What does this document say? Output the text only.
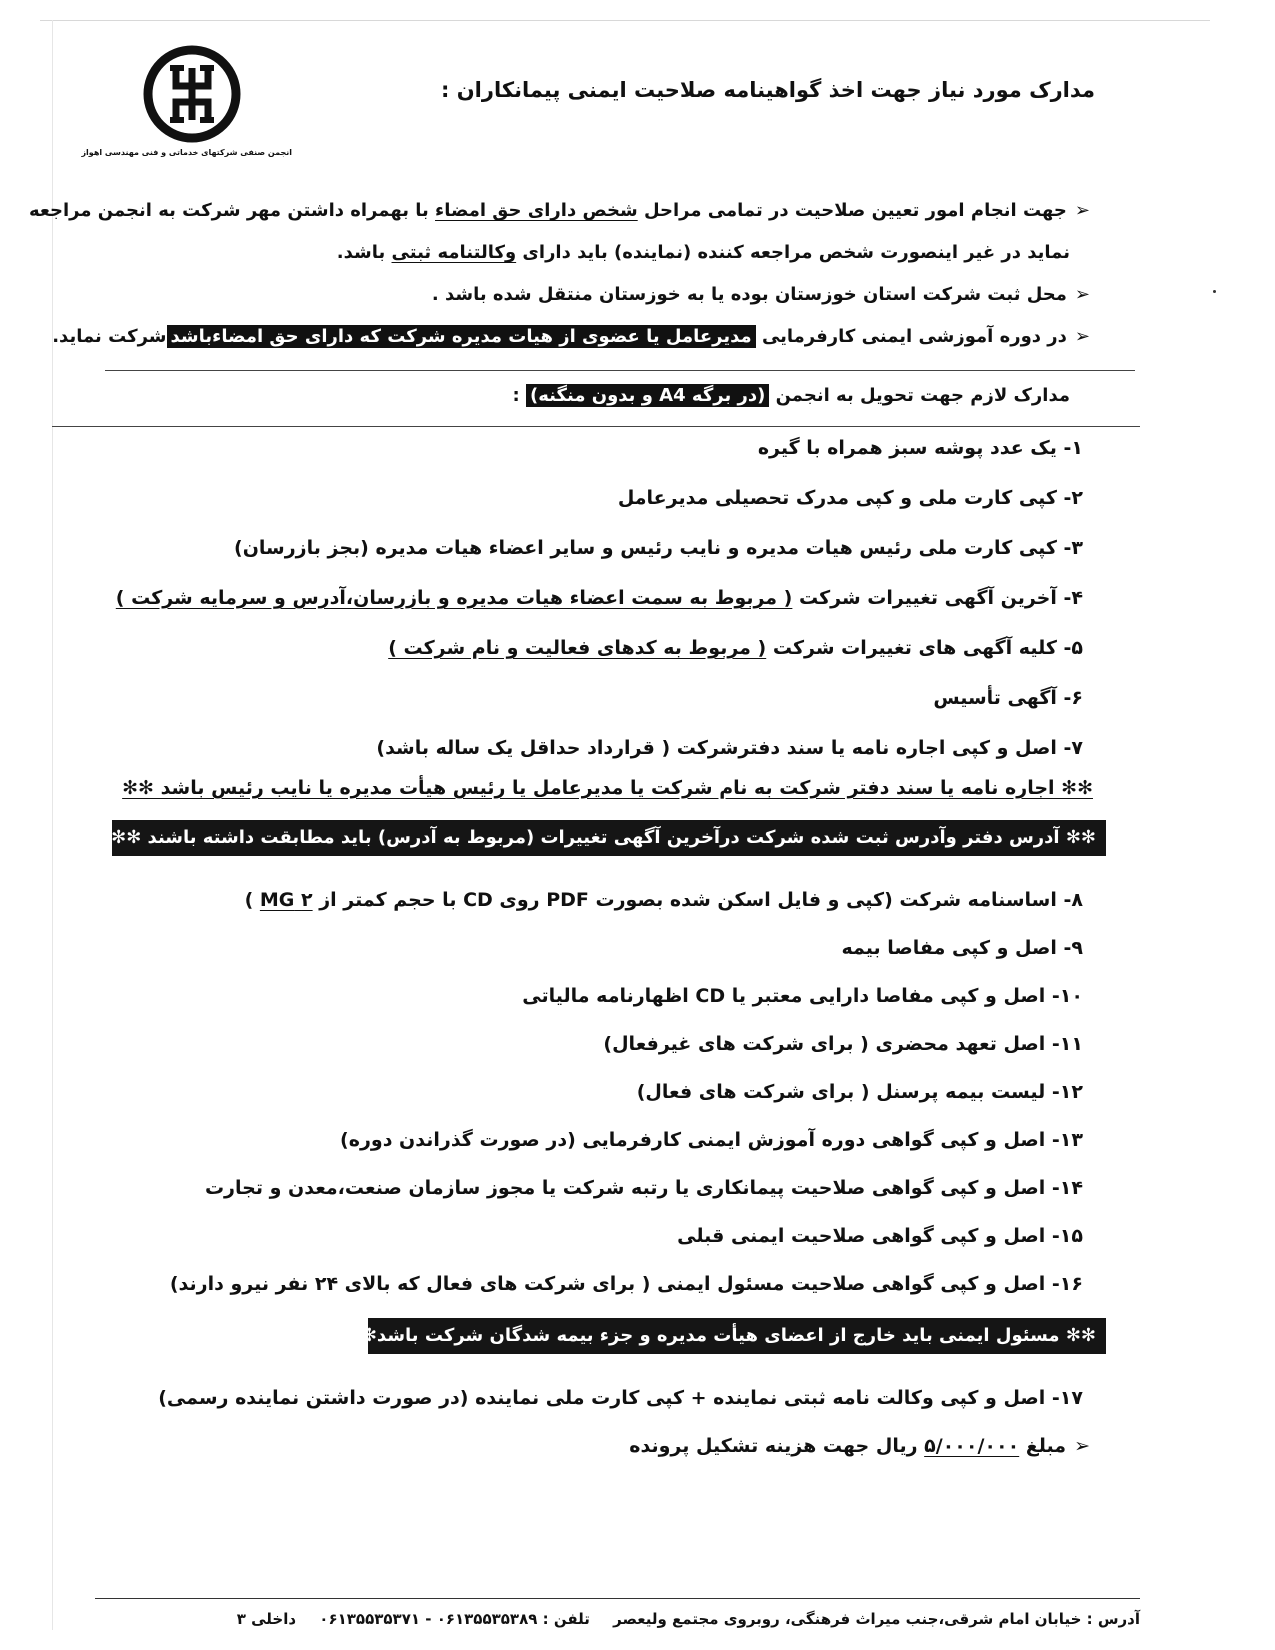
انجمن صنفی شرکتهای خدماتی و فنی مهندسی اهواز
مدارک مورد نیاز جهت اخذ گواهینامه صلاحیت ایمنی پیمانکاران :
➢جهت انجام امور تعیین صلاحیت در تمامی مراحل شخص دارای حق امضاء با بهمراه داشتن مهر شرکت به انجمن مراجعه
نماید در غیر اینصورت شخص مراجعه کننده (نماینده) باید دارای وکالتنامه ثبتی باشد.
➢محل ثبت شرکت استان خوزستان بوده یا به خوزستان منتقل شده باشد .
➢در دوره آموزشی ایمنی کارفرمایی مدیرعامل یا عضوی از هیات مدیره شرکت که دارای حق امضاءباشدشرکت نماید.
مدارک لازم جهت تحویل به انجمن (در برگه A4 و بدون منگنه) :
۱- یک عدد پوشه سبز همراه با گیره
۲- کپی کارت ملی و کپی مدرک تحصیلی مدیرعامل
۳- کپی کارت ملی رئیس هیات مدیره و نایب رئیس و سایر اعضاء هیات مدیره (بجز بازرسان)
۴- آخرین آگهی تغییرات شرکت ( مربوط به سمت اعضاء هیات مدیره و بازرسان،آدرس و سرمایه شرکت )
۵- کلیه آگهی های تغییرات شرکت ( مربوط به کدهای فعالیت و نام شرکت )
۶- آگهی تأسیس
۷- اصل و کپی اجاره نامه یا سند دفترشرکت ( قرارداد حداقل یک ساله باشد)
✻✻ اجاره نامه یا سند دفتر شرکت به نام شرکت یا مدیرعامل یا رئیس هیأت مدیره یا نایب رئیس باشد ✻✻
✻✻ آدرس دفتر وآدرس ثبت شده شرکت درآخرین آگهی تغییرات (مربوط به آدرس) باید مطابقت داشته باشند ✻✻
۸- اساسنامه شرکت (کپی و فایل اسکن شده بصورت PDF روی CD با حجم کمتر از ۲ MG )
۹- اصل و کپی مفاصا بیمه
۱۰- اصل و کپی مفاصا دارایی معتبر یا CD اظهارنامه مالیاتی
۱۱- اصل تعهد محضری ( برای شرکت های غیرفعال)
۱۲- لیست بیمه پرسنل ( برای شرکت های فعال)
۱۳- اصل و کپی گواهی دوره آموزش ایمنی کارفرمایی (در صورت گذراندن دوره)
۱۴- اصل و کپی گواهی صلاحیت پیمانکاری یا رتبه شرکت یا مجوز سازمان صنعت،معدن و تجارت
۱۵- اصل و کپی گواهی صلاحیت ایمنی قبلی
۱۶- اصل و کپی گواهی صلاحیت مسئول ایمنی ( برای شرکت های فعال که بالای ۲۴ نفر نیرو دارند)
✻✻ مسئول ایمنی باید خارج از اعضای هیأت مدیره و جزء بیمه شدگان شرکت باشد✻✻
۱۷- اصل و کپی وکالت نامه ثبتی نماینده + کپی کارت ملی نماینده (در صورت داشتن نماینده رسمی)
➢مبلغ ۵/۰۰۰/۰۰۰ ریال جهت هزینه تشکیل پرونده
آدرس : خیابان امام شرقی،جنب میراث فرهنگی، روبروی مجتمع ولیعصر تلفن : ۰۶۱۳۵۵۳۵۳۸۹ - ۰۶۱۳۵۵۳۵۳۷۱ داخلی ۳
